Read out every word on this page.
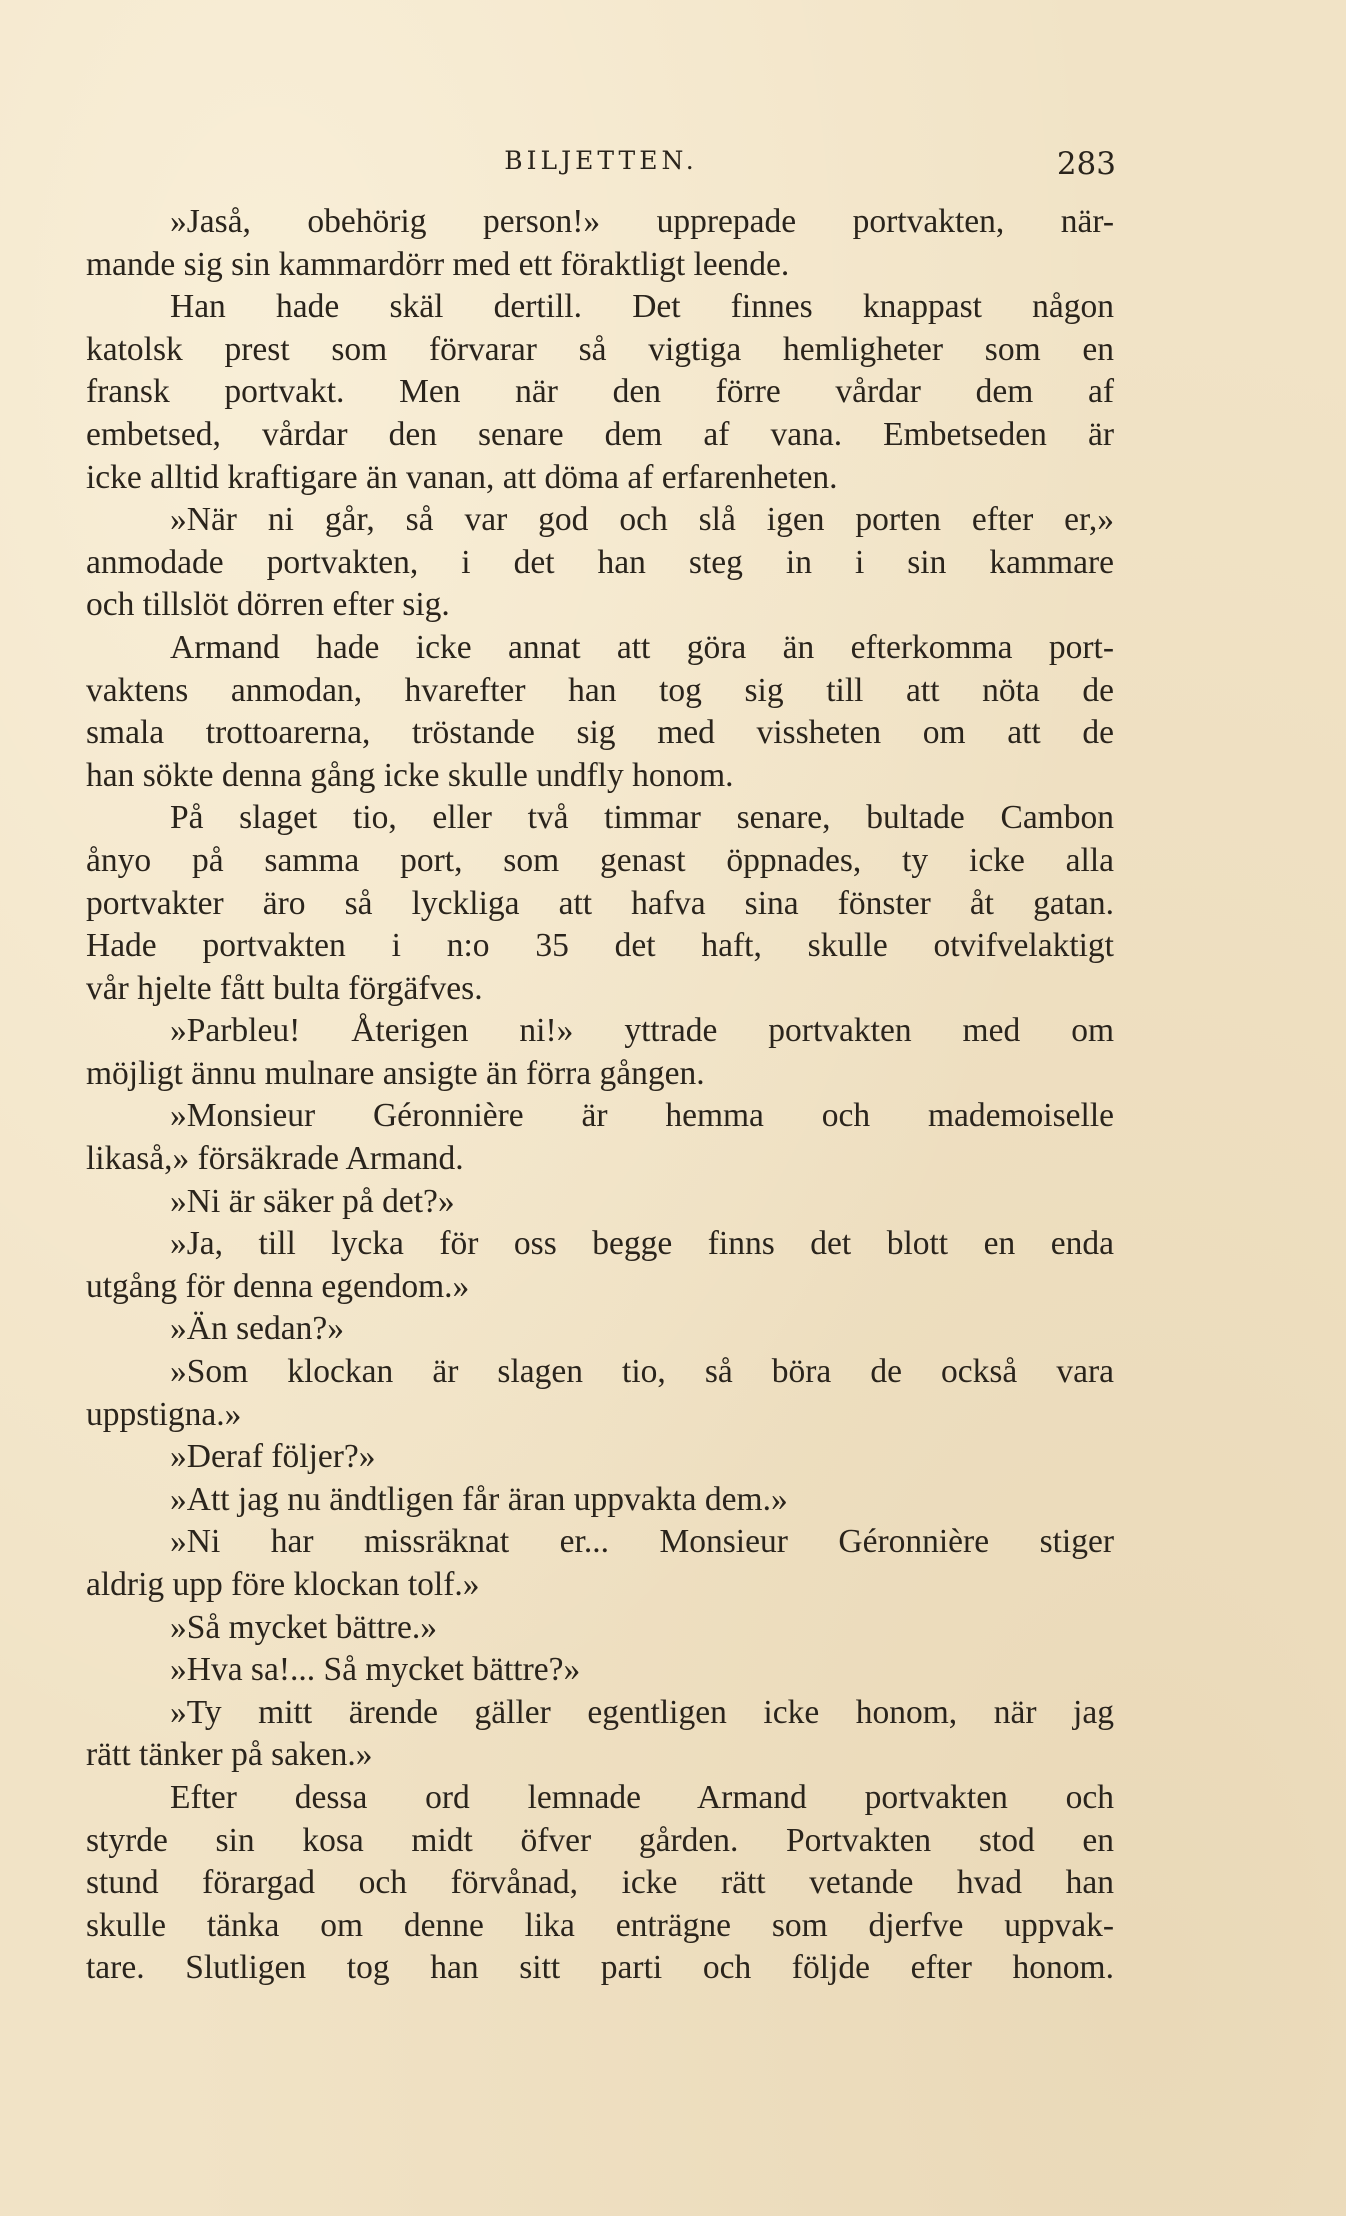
BILJETTEN.	283
»Jaså, obehörig person!» upprepade portvakten, när-
mande sig sin kammardörr med ett föraktligt leende.
Han hade skäl dertill. Det finnes knappast någon
katolsk prest som förvarar så vigtiga hemligheter som en
fransk portvakt. Men när den förre vårdar dem af
embetsed, vårdar den senare dem af vana. Embetseden är
icke alltid kraftigare än vanan, att döma af erfarenheten.
»När ni går, så var god och slå igen porten efter er,»
anmodade portvakten, i det han steg in i sin kammare
och tillslöt dörren efter sig.
Armand hade icke annat att göra än efterkomma port-
vaktens anmodan, hvarefter han tog sig till att nöta de
smala trottoarerna, tröstande sig med vissheten om att de
han sökte denna gång icke skulle undfly honom.
På slaget tio, eller två timmar senare, bultade Cambon
ånyo på samma port, som genast öppnades, ty icke alla
portvakter äro så lyckliga att hafva sina fönster åt gatan.
Hade portvakten i n:o 35 det haft, skulle otvifvelaktigt
vår hjelte fått bulta förgäfves.
»Parbleu! Återigen ni!» yttrade portvakten med om
möjligt ännu mulnare ansigte än förra gången.
»Monsieur Géronnière är hemma och mademoiselle
likaså,» försäkrade Armand.
»Ni är säker på det?»
»Ja, till lycka för oss begge finns det blott en enda
utgång för denna egendom.»
»Än sedan?»
»Som klockan är slagen tio, så böra de också vara
uppstigna.»
»Deraf följer?»
»Att jag nu ändtligen får äran uppvakta dem.»
»Ni har missräknat er... Monsieur Géronnière stiger
aldrig upp före klockan tolf.»
»Så mycket bättre.»
»Hva sa!... Så mycket bättre?»
»Ty mitt ärende gäller egentligen icke honom, när jag
rätt tänker på saken.»
Efter dessa ord lemnade Armand portvakten och
styrde sin kosa midt öfver gården. Portvakten stod en
stund förargad och förvånad, icke rätt vetande hvad han
skulle tänka om denne lika enträgne som djerfve uppvak-
tare. Slutligen tog han sitt parti och följde efter honom.
